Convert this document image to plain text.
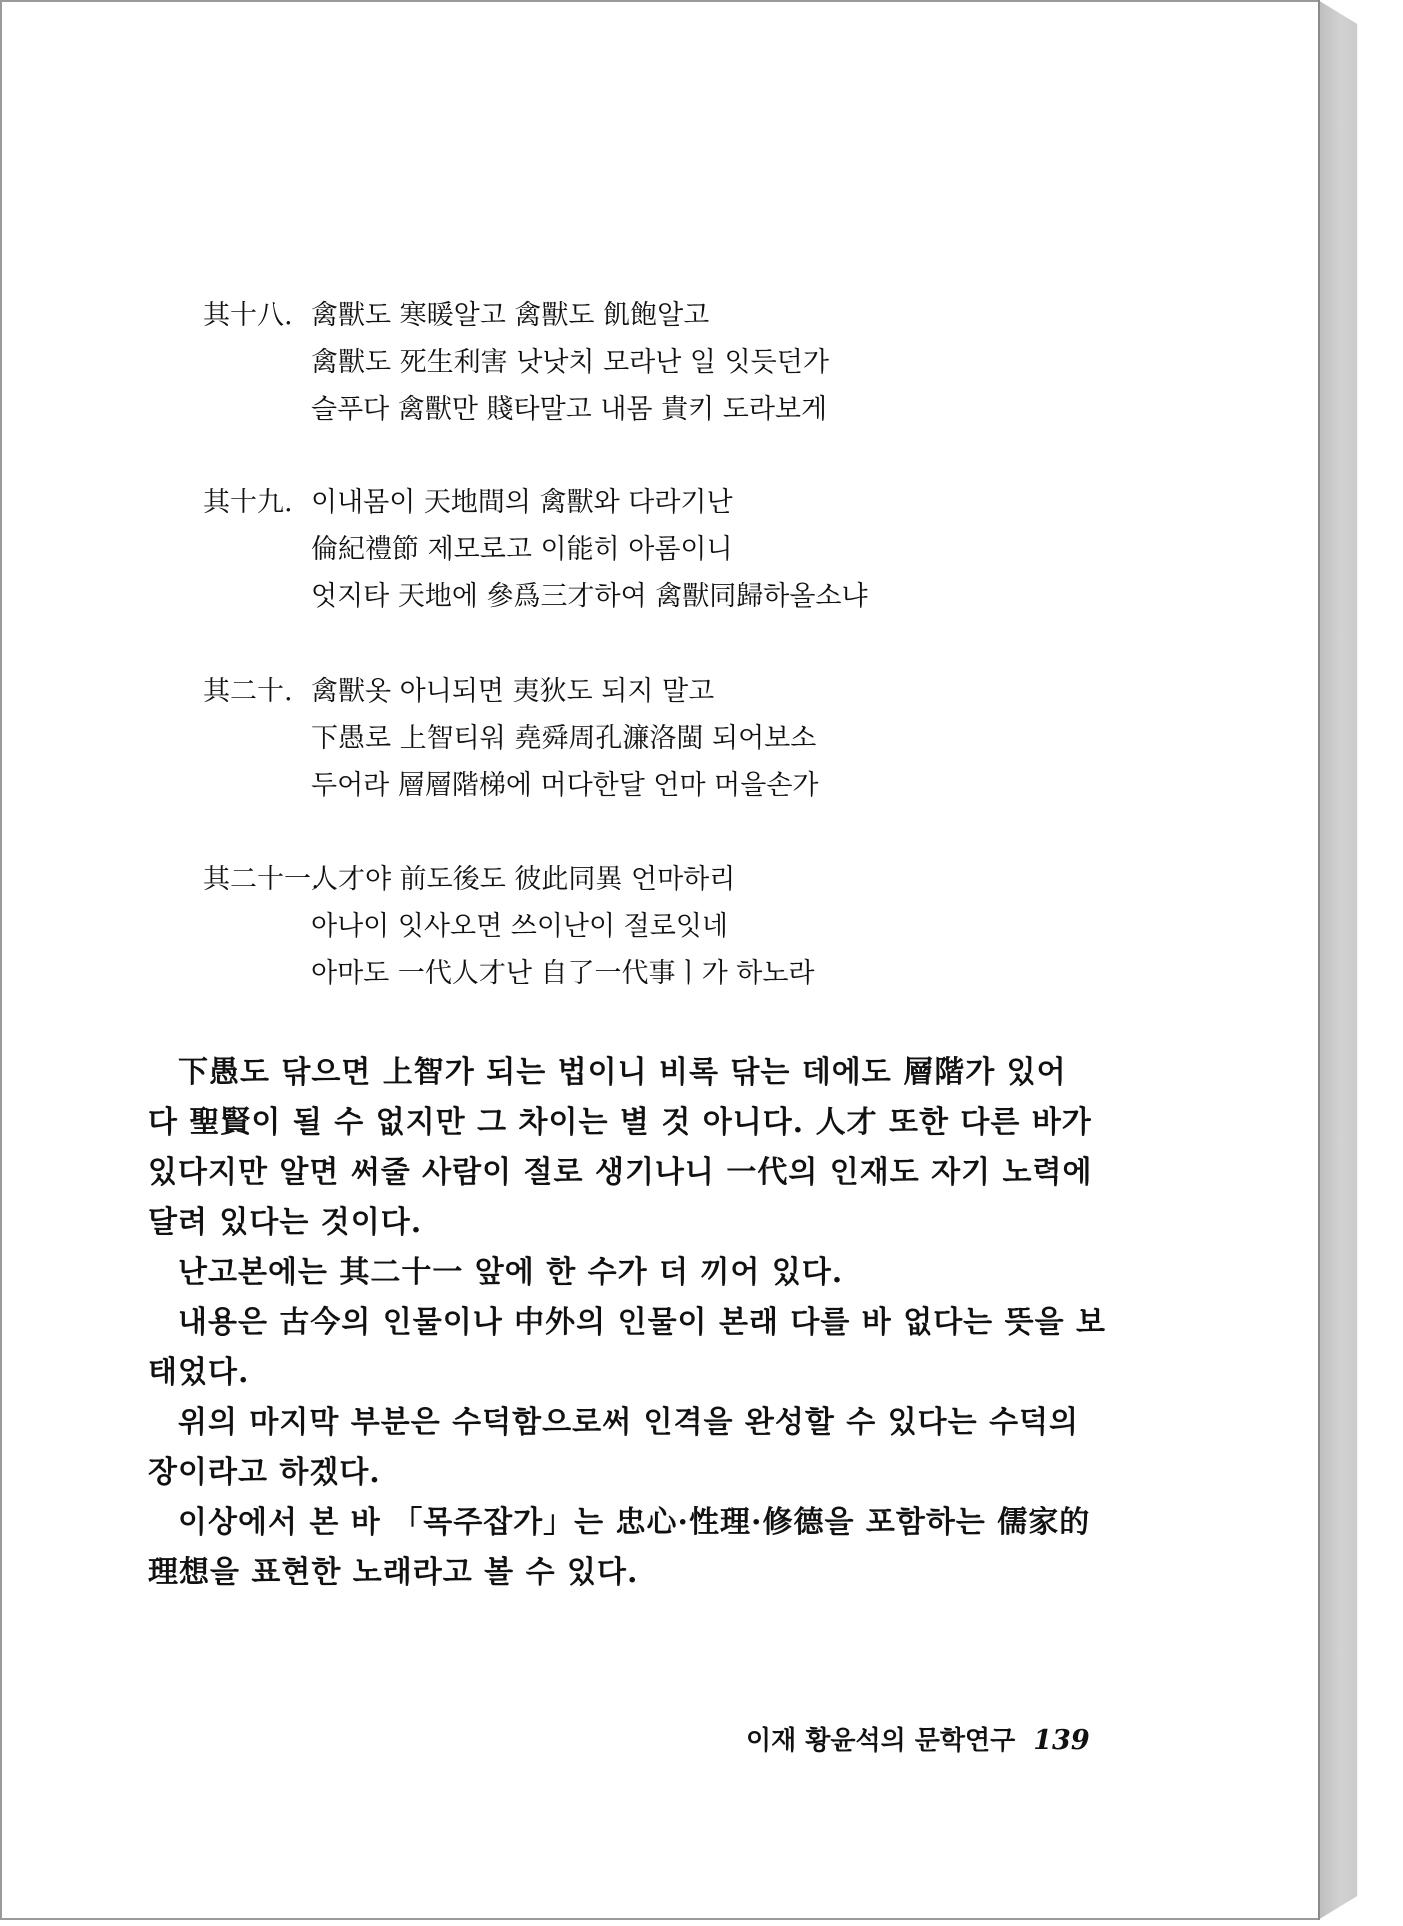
其十八. 禽獸도 寒暖알고 禽獸도 飢飽알고
禽獸도 死生利害 낫낫치 모라난 일 잇듯던가
슬푸다 禽獸만 賤타말고 내몸 貴키 도라보게
其十九. 이내몸이 天地間의 禽獸와 다라기난
倫紀禮節 제모로고 이能히 아롬이니
엇지타 天地에 參爲三才하여 禽獸同歸하올소냐
其二十. 禽獸옷 아니되면 夷狄도 되지 말고
下愚로 上智티워 堯舜周孔濂洛閩 되어보소
두어라 層層階梯에 머다한달 언마 머을손가
其二十一.人才야 前도後도 彼此同異 언마하리
아나이 잇사오면 쓰이난이 절로잇네
아마도 一代人才난 自了一代事ㅣ가 하노라

下愚도 닦으면 上智가 되는 법이니 비록 닦는 데에도 層階가 있어 다 聖賢이 될 수 없지만 그 차이는 별 것 아니다. 人才 또한 다른 바가 있다지만 알면 써줄 사람이 절로 생기나니 一代의 인재도 자기 노력에 달려 있다는 것이다.

난고본에는 其二十一 앞에 한 수가 더 끼어 있다.

내용은 古今의 인물이나 中外의 인물이 본래 다를 바 없다는 뜻을 보태었다.

위의 마지막 부분은 수덕함으로써 인격을 완성할 수 있다는 수덕의 장이라고 하겠다.

이상에서 본 바 「목주잡가」는 忠心·性理·修德을 포함하는 儒家的 理想을 표현한 노래라고 볼 수 있다.

이재 황윤석의 문학연구 139
